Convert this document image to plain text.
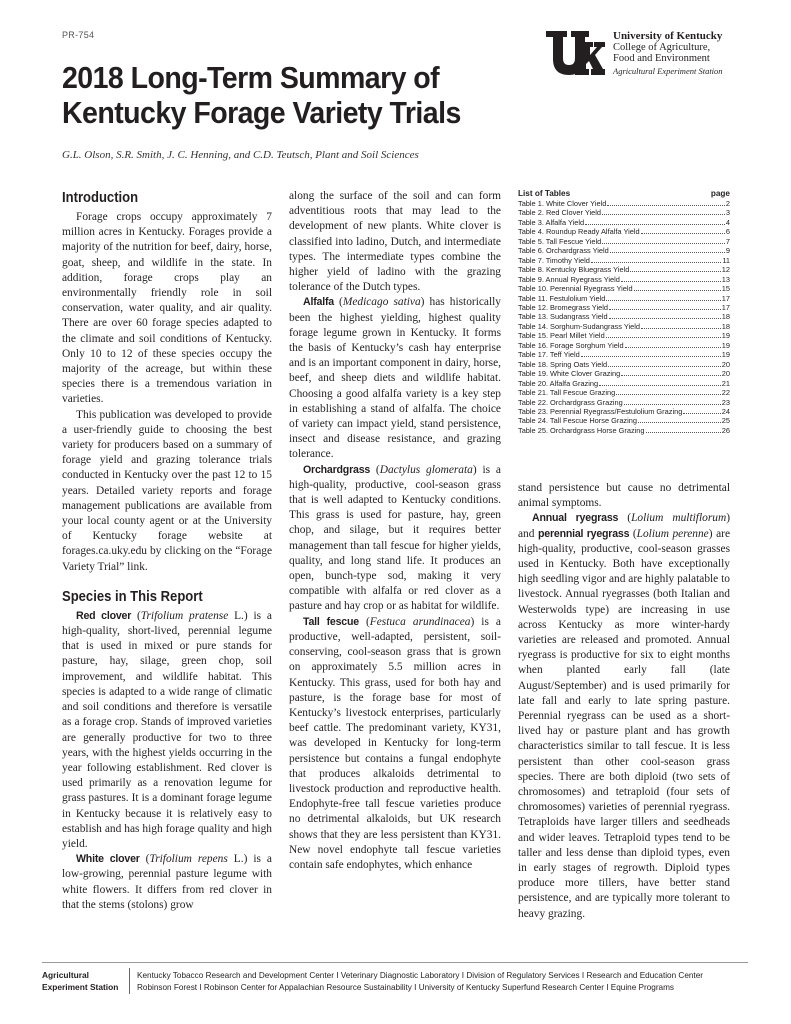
PR-754
2018 Long-Term Summary of
Kentucky Forage Variety Trials
G.L. Olson, S.R. Smith, J. C. Henning, and C.D. Teutsch, Plant and Soil Sciences
University of Kentucky
College of Agriculture,
Food and Environment
Agricultural Experiment Station
Introduction

Forage crops occupy approximately 7 million acres in Kentucky. Forages provide a majority of the nutrition for beef, dairy, horse, goat, sheep, and wildlife in the state. In addition, forage crops play an environmentally friendly role in soil conservation, water quality, and air quality. There are over 60 forage species adapted to the climate and soil conditions of Kentucky. Only 10 to 12 of these species occupy the majority of the acreage, but within these species there is a tremendous variation in varieties.

This publication was developed to provide a user-friendly guide to choosing the best variety for producers based on a summary of forage yield and grazing tolerance trials conducted in Kentucky over the past 12 to 15 years. Detailed variety reports and forage management publications are available from your local county agent or at the University of Kentucky forage website at forages.ca.uky.edu by clicking on the “Forage Variety Trial” link.

Species in This Report

Red clover (Trifolium pratense L.) is a high-quality, short-lived, perennial legume that is used in mixed or pure stands for pasture, hay, silage, green chop, soil improvement, and wildlife habitat. This species is adapted to a wide range of climatic and soil conditions and therefore is versatile as a forage crop. Stands of improved varieties are generally productive for two to three years, with the highest yields occurring in the year following establishment. Red clover is used primarily as a renovation legume for grass pastures. It is a dominant forage legume in Kentucky because it is relatively easy to establish and has high forage quality and high yield.

White clover (Trifolium repens L.) is a low-growing, perennial pasture legume with white flowers. It differs from red clover in that the stems (stolons) grow

along the surface of the soil and can form adventitious roots that may lead to the development of new plants. White clover is classified into ladino, Dutch, and intermediate types. The intermediate types combine the higher yield of ladino with the grazing tolerance of the Dutch types.

Alfalfa (Medicago sativa) has historically been the highest yielding, highest quality forage legume grown in Kentucky. It forms the basis of Kentucky’s cash hay enterprise and is an important component in dairy, horse, beef, and sheep diets and wildlife habitat. Choosing a good alfalfa variety is a key step in establishing a stand of alfalfa. The choice of variety can impact yield, stand persistence, insect and disease resistance, and grazing tolerance.

Orchardgrass (Dactylus glomerata) is a high-quality, productive, cool-season grass that is well adapted to Kentucky conditions. This grass is used for pasture, hay, green chop, and silage, but it requires better management than tall fescue for higher yields, quality, and long stand life. It produces an open, bunch-type sod, making it very compatible with alfalfa or red clover as a pasture and hay crop or as habitat for wildlife.

Tall fescue (Festuca arundinacea) is a productive, well-adapted, persistent, soil-conserving, cool-season grass that is grown on approximately 5.5 million acres in Kentucky. This grass, used for both hay and pasture, is the forage base for most of Kentucky’s livestock enterprises, particularly beef cattle. The predominant variety, KY31, was developed in Kentucky for long-term persistence but contains a fungal endophyte that produces alkaloids detrimental to livestock production and reproductive health. Endophyte-free tall fescue varieties produce no detrimental alkaloids, but UK research shows that they are less persistent than KY31. New novel endophyte tall fescue varieties contain safe endophytes, which enhance

List of Tables	page
Table 1. White Clover Yield	2
Table 2. Red Clover Yield	3
Table 3. Alfalfa Yield	4
Table 4. Roundup Ready Alfalfa Yield	6
Table 5. Tall Fescue Yield	7
Table 6. Orchardgrass Yield	9
Table 7. Timothy Yield	11
Table 8. Kentucky Bluegrass Yield	12
Table 9. Annual Ryegrass Yield	13
Table 10. Perennial Ryegrass Yield	15
Table 11. Festulolium Yield	17
Table 12. Bromegrass Yield	17
Table 13. Sudangrass Yield	18
Table 14. Sorghum-Sudangrass Yield	18
Table 15. Pearl Millet Yield	19
Table 16. Forage Sorghum Yield	19
Table 17. Teff Yield	19
Table 18. Spring Oats Yield	20
Table 19. White Clover Grazing	20
Table 20. Alfalfa Grazing	21
Table 21. Tall Fescue Grazing	22
Table 22. Orchardgrass Grazing	23
Table 23. Perennial Ryegrass/Festulolium Grazing	24
Table 24. Tall Fescue Horse Grazing	25
Table 25. Orchardgrass Horse Grazing	26

stand persistence but cause no detrimental animal symptoms.

Annual ryegrass (Lolium multiflorum) and perennial ryegrass (Lolium perenne) are high-quality, productive, cool-season grasses used in Kentucky. Both have exceptionally high seedling vigor and are highly palatable to livestock. Annual ryegrasses (both Italian and Westerwolds type) are increasing in use across Kentucky as more winter-hardy varieties are released and promoted. Annual ryegrass is productive for six to eight months when planted early fall (late August/September) and is used primarily for late fall and early to late spring pasture. Perennial ryegrass can be used as a short-lived hay or pasture plant and has growth characteristics similar to tall fescue. It is less persistent than other cool-season grass species. There are both diploid (two sets of chromosomes) and tetraploid (four sets of chromosomes) varieties of perennial ryegrass. Tetraploids have larger tillers and seedheads and wider leaves. Tetraploid types tend to be taller and less dense than diploid types, even in early stages of regrowth. Diploid types produce more tillers, have better stand persistence, and are typically more tolerant to heavy grazing.

Agricultural
Experiment Station
Kentucky Tobacco Research and Development Center I Veterinary Diagnostic Laboratory I Division of Regulatory Services I Research and Education Center
Robinson Forest I Robinson Center for Appalachian Resource Sustainability I University of Kentucky Superfund Research Center I Equine Programs
